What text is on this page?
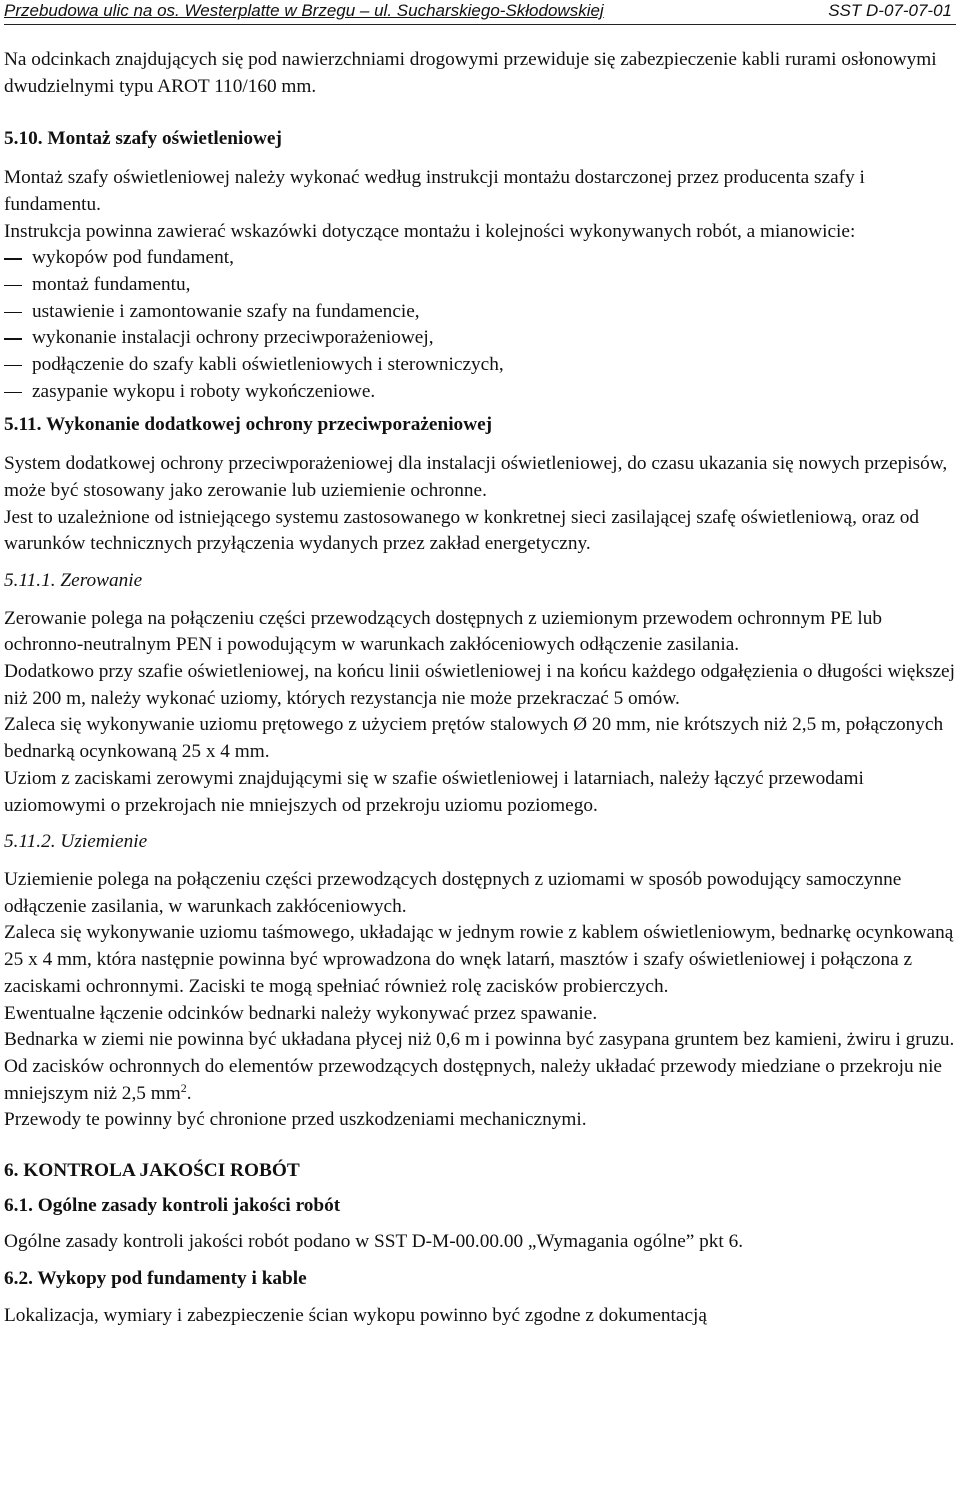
Przebudowa ulic na os. Westerplatte w Brzegu – ul. Sucharskiego-Skłodowskiej	SST D-07-07-01

Na odcinkach znajdujących się pod nawierzchniami drogowymi przewiduje się zabezpieczenie kabli rurami osłonowymi dwudzielnymi typu AROT 110/160 mm.

5.10. Montaż szafy oświetleniowej

Montaż szafy oświetleniowej należy wykonać według instrukcji montażu dostarczonej przez producenta szafy i fundamentu.

Instrukcja powinna zawierać wskazówki dotyczące montażu i kolejności wykonywanych robót, a mianowicie:

wykopów pod fundament,
montaż fundamentu,
ustawienie i zamontowanie szafy na fundamencie,
wykonanie instalacji ochrony przeciwporażeniowej,
podłączenie do szafy kabli oświetleniowych i sterowniczych,
zasypanie wykopu i roboty wykończeniowe.

5.11. Wykonanie dodatkowej ochrony przeciwporażeniowej

System dodatkowej ochrony przeciwporażeniowej dla instalacji oświetleniowej, do czasu ukazania się nowych przepisów, może być stosowany jako zerowanie lub uziemienie ochronne.

Jest to uzależnione od istniejącego systemu zastosowanego w konkretnej sieci zasilającej szafę oświetleniową, oraz od warunków technicznych przyłączenia wydanych przez zakład energetyczny.

5.11.1. Zerowanie

Zerowanie polega na połączeniu części przewodzących dostępnych z uziemionym przewodem ochronnym PE lub ochronno-neutralnym PEN i powodującym w warunkach zakłóceniowych odłączenie zasilania.

Dodatkowo przy szafie oświetleniowej, na końcu linii oświetleniowej i na końcu każdego odgałęzienia o długości większej niż 200 m, należy wykonać uziomy, których rezystancja nie może przekraczać 5 omów.

Zaleca się wykonywanie uziomu prętowego z użyciem prętów stalowych Ø 20 mm, nie krótszych niż 2,5 m, połączonych bednarką ocynkowaną 25 x 4 mm.

Uziom z zaciskami zerowymi znajdującymi się w szafie oświetleniowej i latarniach, należy łączyć przewodami uziomowymi o przekrojach nie mniejszych od przekroju uziomu poziomego.

5.11.2. Uziemienie

Uziemienie polega na połączeniu części przewodzących dostępnych z uziomami w sposób powodujący samoczynne odłączenie zasilania, w warunkach zakłóceniowych.

Zaleca się wykonywanie uziomu taśmowego, układając w jednym rowie z kablem oświetleniowym, bednarkę ocynkowaną 25 x 4 mm, która następnie powinna być wprowadzona do wnęk latarń, masztów i szafy oświetleniowej i połączona z zaciskami ochronnymi. Zaciski te mogą spełniać również rolę zacisków probierczych.

Ewentualne łączenie odcinków bednarki należy wykonywać przez spawanie.

Bednarka w ziemi nie powinna być układana płycej niż 0,6 m i powinna być zasypana gruntem bez kamieni, żwiru i gruzu.

Od zacisków ochronnych do elementów przewodzących dostępnych, należy układać przewody miedziane o przekroju nie mniejszym niż 2,5 $mm^2$.

Przewody te powinny być chronione przed uszkodzeniami mechanicznymi.

6. KONTROLA JAKOŚCI ROBÓT

6.1. Ogólne zasady kontroli jakości robót

Ogólne zasady kontroli jakości robót podano w SST D-M-00.00.00 „Wymagania ogólne” pkt 6.

6.2. Wykopy pod fundamenty i kable

Lokalizacja, wymiary i zabezpieczenie ścian wykopu powinno być zgodne z dokumentacją
